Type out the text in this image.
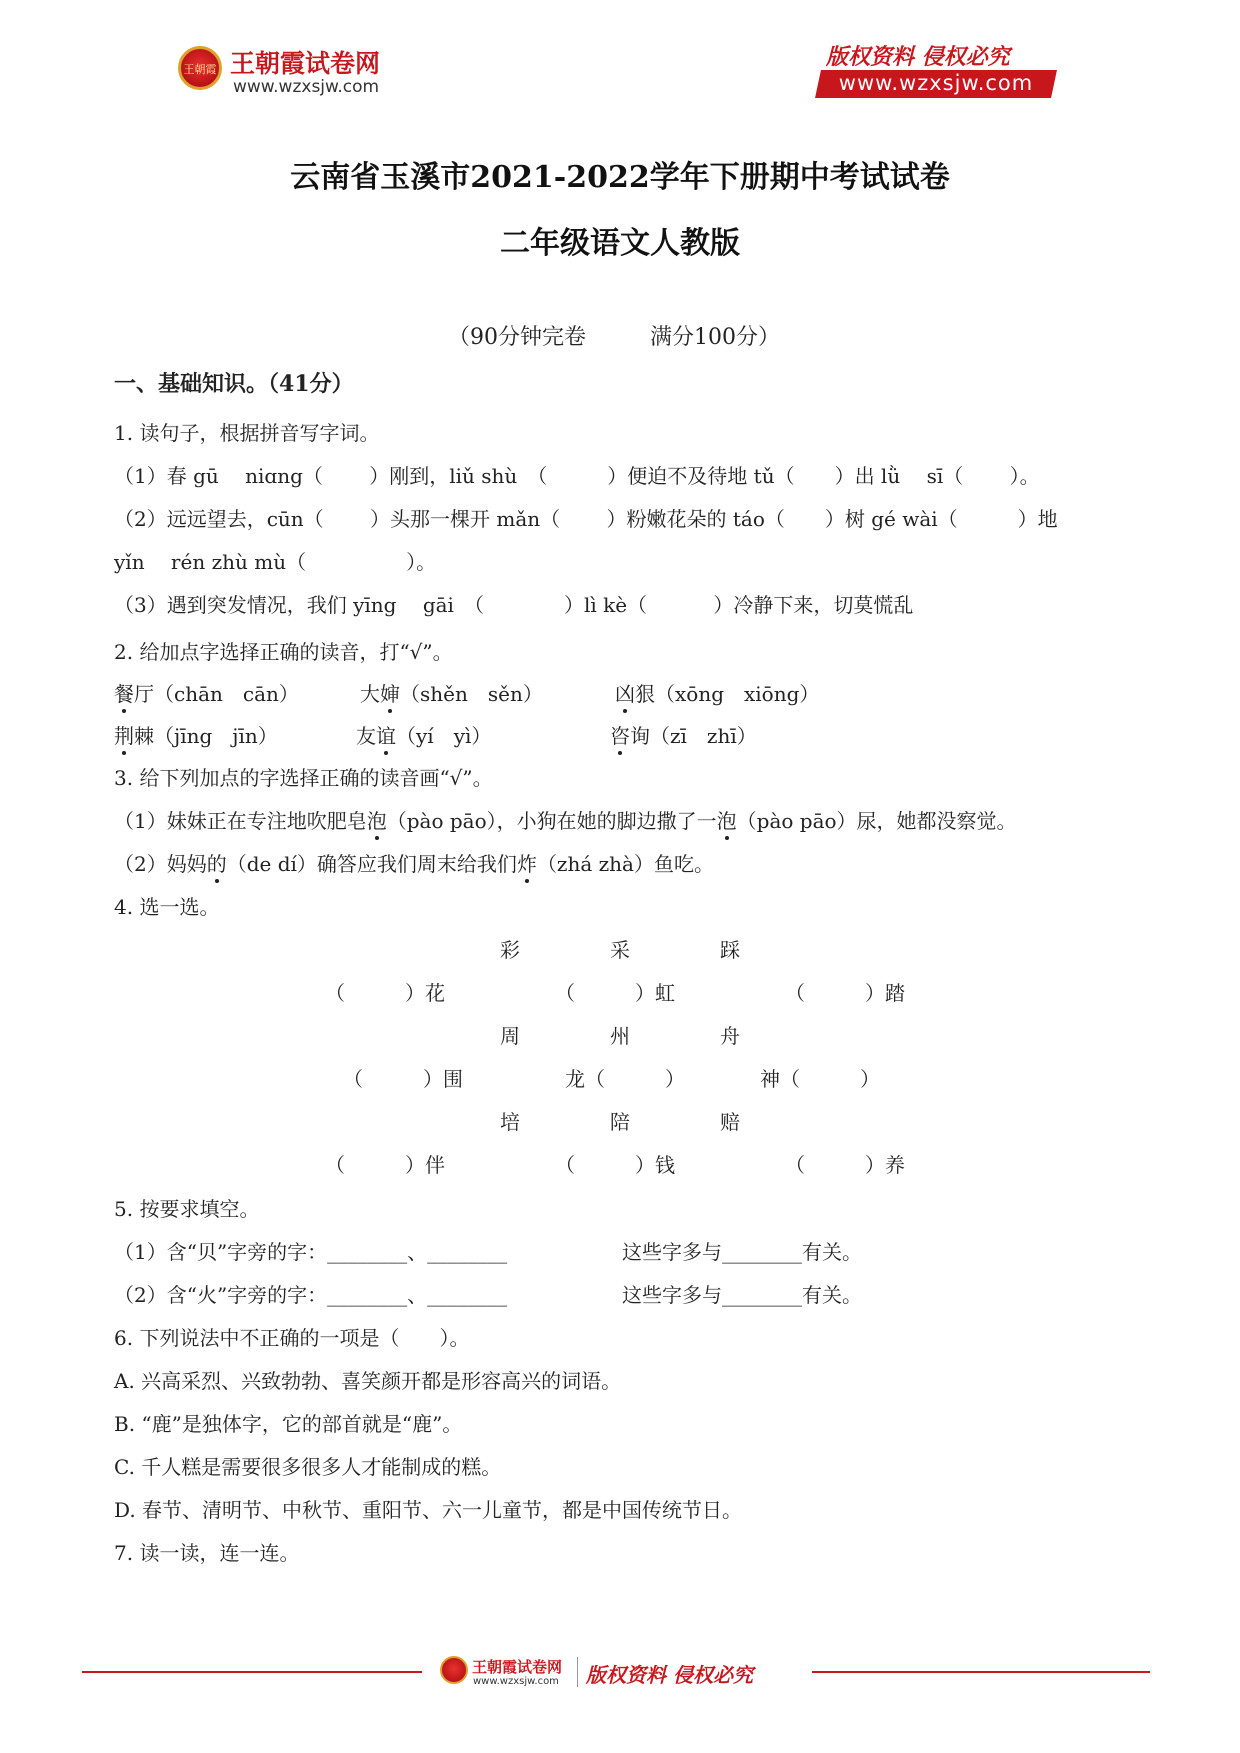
王朝霞 王朝霞试卷网
www.wzxsjw.com
版权资料 侵权必究
www.wzxsjw.com
云南省玉溪市2021-2022学年下册期中考试试卷
二年级语文人教版
（90分钟完卷	满分100分）
一、基础知识。（41分）
1. 读句子，根据拼音写字词。
（1）春 gū　 niɑng（　　 ）刚到，liǔ shù　（　　　）便迫不及待地 tǔ（　　）出 lǜ　 sī（　　 ）。
（2）远远望去，cūn（　　 ）头那一棵开 mǎn（　　 ）粉嫩花朵的 táo（　　）树 gé wài（　　　）地
yǐn　 rén zhù mù（　　　　　）。
（3）遇到突发情况，我们 yīng　 gāi　（　　　　）lì kè（　　　 ）冷静下来，切莫慌乱
2. 给加点字选择正确的读音，打“√”。
餐厅（chān　cān）	大婶（shěn　sěn）	凶狠（xōng　xiōng）
荆棘（jīng　jīn）	友谊（yí　yì）	咨询（zī　zhī）
3. 给下列加点的字选择正确的读音画“√”。
（1）妹妹正在专注地吹肥皂泡（pào pāo），小狗在她的脚边撒了一泡（pào pāo）尿，她都没察觉。
（2）妈妈的（de dí）确答应我们周末给我们炸（zhá zhà）鱼吃。
4. 选一选。
彩	采	踩
（　　　）花	（　　　）虹	（　　　）踏
周	州	舟
（　　　）围	龙（　　　）	神（　　　）
培	陪	赔
（　　　）伴	（　　　）钱	（　　　）养
5. 按要求填空。
（1）含“贝”字旁的字：________、________	这些字多与________有关。
（2）含“火”字旁的字：________、________	这些字多与________有关。
6. 下列说法中不正确的一项是（　　）。
A. 兴高采烈、兴致勃勃、喜笑颜开都是形容高兴的词语。
B. “鹿”是独体字，它的部首就是“鹿”。
C. 千人糕是需要很多很多人才能制成的糕。
D. 春节、清明节、中秋节、重阳节、六一儿童节，都是中国传统节日。
7. 读一读，连一连。
王朝霞试卷网
www.wzxsjw.com 版权资料 侵权必究
